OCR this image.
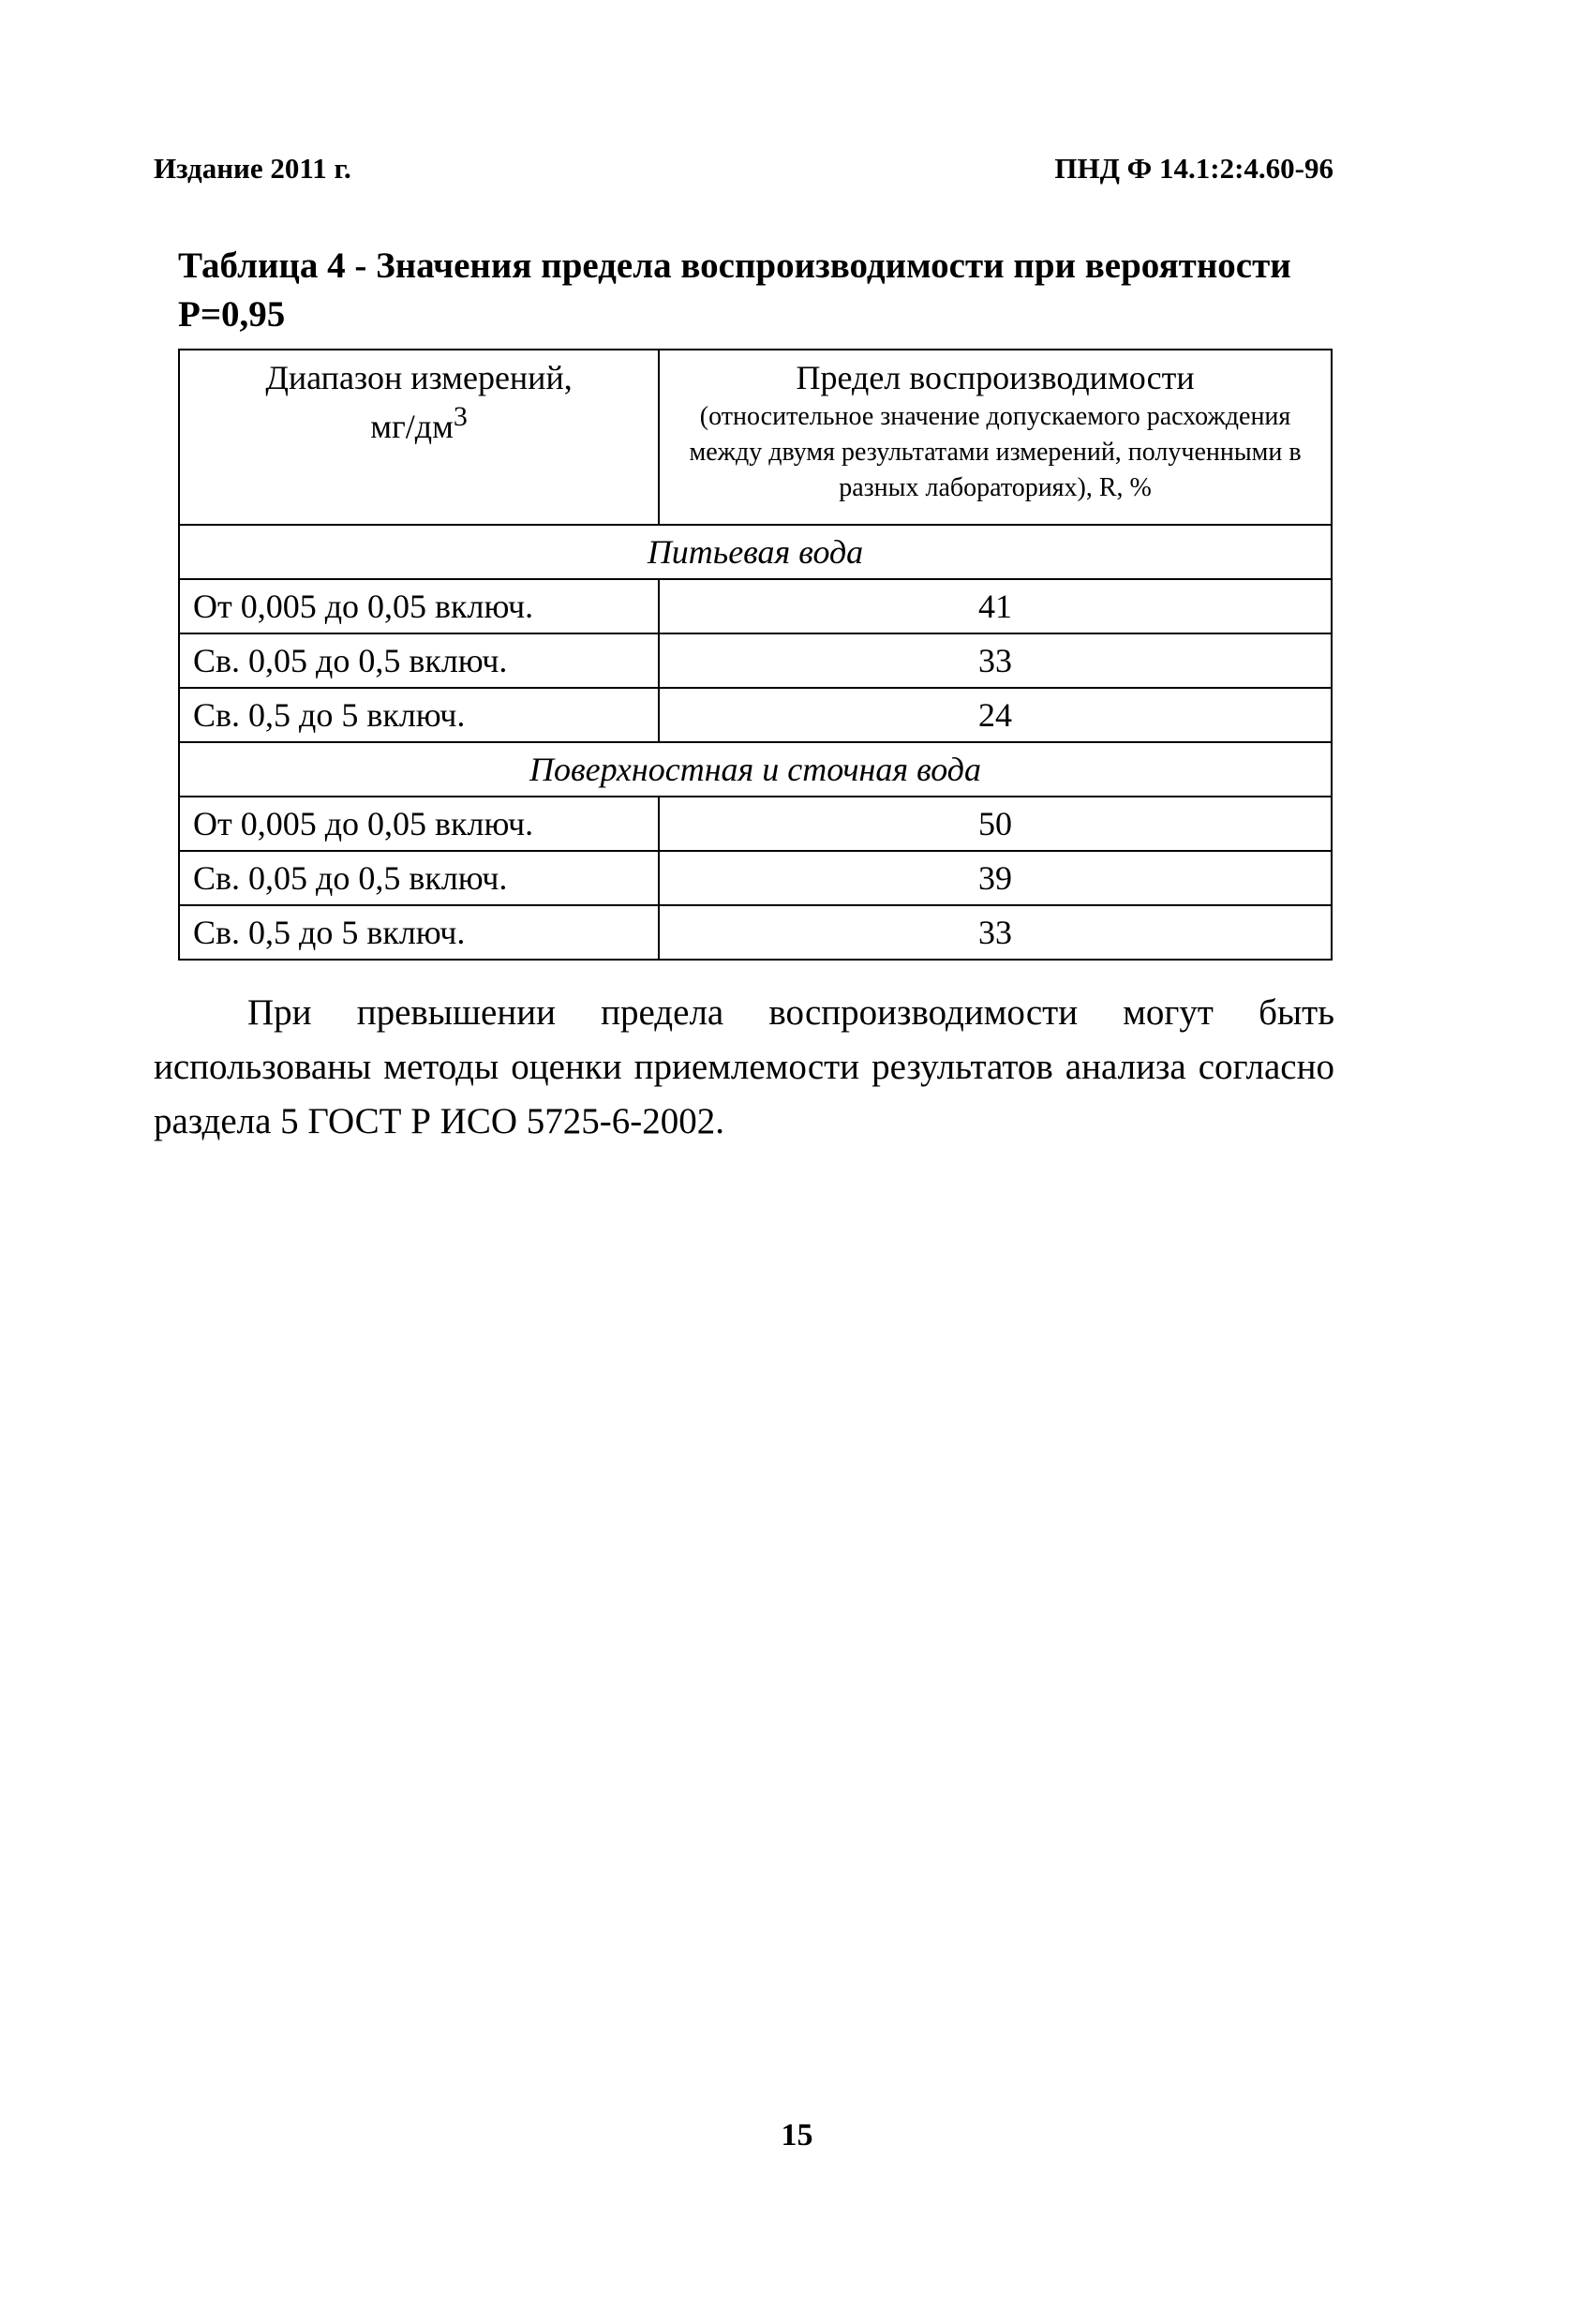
Издание 2011 г.	ПНД Ф 14.1:2:4.60-96
Таблица 4 - Значения предела воспроизводимости при вероятности Р=0,95
Диапазон измерений,
$мг/дм^3$	Предел воспроизводимости
(относительное значение допускаемого расхождения между двумя результатами измерений, полученными в разных лабораториях), R, %

Питьевая вода	
От 0,005 до 0,05 включ.	41
Св. 0,05 до 0,5 включ.	33
Св. 0,5 до 5 включ.	24
Поверхностная и сточная вода	
От 0,005 до 0,05 включ.	50
Св. 0,05 до 0,5 включ.	39
Св. 0,5 до 5 включ.	33
При превышении предела воспроизводимости могут быть использованы методы оценки приемлемости результатов анализа согласно раздела 5 ГОСТ Р ИСО 5725-6-2002.
15
